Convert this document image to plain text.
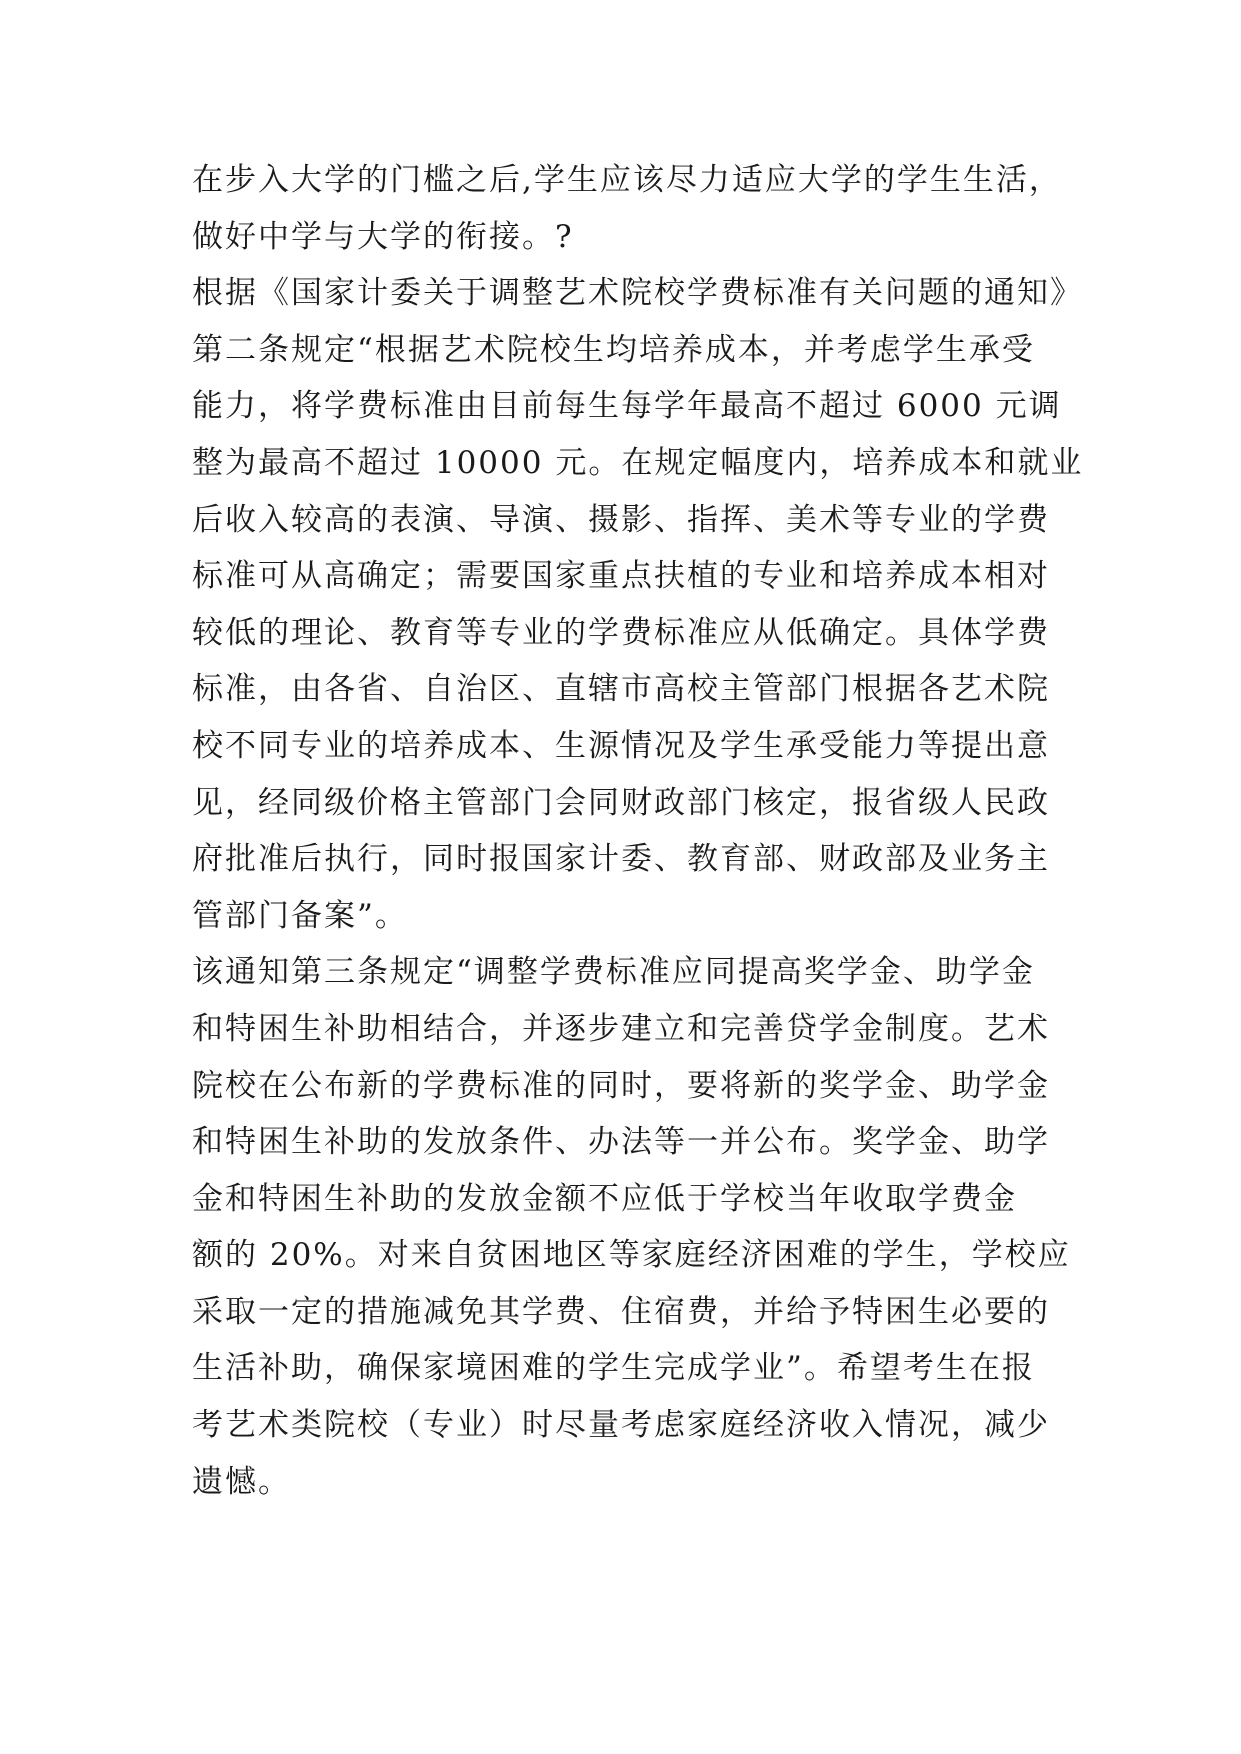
在步入大学的门槛之后,学生应该尽力适应大学的学生生活，
做好中学与大学的衔接。?
根据《国家计委关于调整艺术院校学费标准有关问题的通知》
第二条规定“根据艺术院校生均培养成本，并考虑学生承受
能力，将学费标准由目前每生每学年最高不超过 6000 元调
整为最高不超过 10000 元。在规定幅度内，培养成本和就业
后收入较高的表演、导演、摄影、指挥、美术等专业的学费
标准可从高确定；需要国家重点扶植的专业和培养成本相对
较低的理论、教育等专业的学费标准应从低确定。具体学费
标准，由各省、自治区、直辖市高校主管部门根据各艺术院
校不同专业的培养成本、生源情况及学生承受能力等提出意
见，经同级价格主管部门会同财政部门核定，报省级人民政
府批准后执行，同时报国家计委、教育部、财政部及业务主
管部门备案”。
该通知第三条规定“调整学费标准应同提高奖学金、助学金
和特困生补助相结合，并逐步建立和完善贷学金制度。艺术
院校在公布新的学费标准的同时，要将新的奖学金、助学金
和特困生补助的发放条件、办法等一并公布。奖学金、助学
金和特困生补助的发放金额不应低于学校当年收取学费金
额的 20%。对来自贫困地区等家庭经济困难的学生，学校应
采取一定的措施减免其学费、住宿费，并给予特困生必要的
生活补助，确保家境困难的学生完成学业”。希望考生在报
考艺术类院校（专业）时尽量考虑家庭经济收入情况，减少
遗憾。
